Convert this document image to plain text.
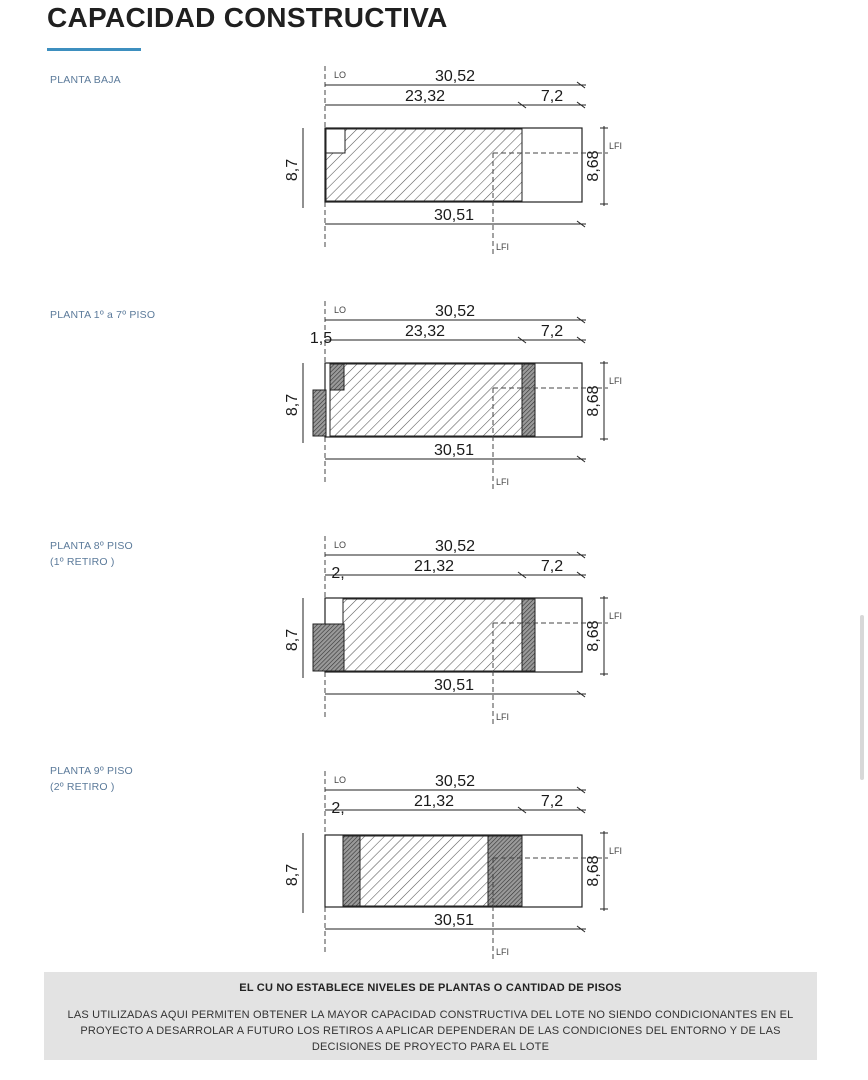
CAPACIDAD CONSTRUCTIVA
PLANTA BAJA
PLANTA 1º a 7º PISO
PLANTA 8º PISO
(1º RETIRO )
PLANTA 9º PISO
(2º RETIRO )
LO	30,52
23,32	7,2
LFI
LFI
30,51
8,7	8,68
LO	30,52
23,32	7,2
1,5
LFI
LFI
30,51
8,7	8,68
LO	30,52
21,32	7,2
2,
LFI
LFI
30,51
8,7	8,68
LO	30,52
21,32	7,2
2,
LFI
LFI
30,51
8,7	8,68

EL CU NO ESTABLECE NIVELES DE PLANTAS O CANTIDAD DE PISOS

LAS UTILIZADAS AQUI PERMITEN OBTENER LA MAYOR CAPACIDAD CONSTRUCTIVA DEL LOTE NO SIENDO CONDICIONANTES EN EL PROYECTO A DESARROLAR A FUTURO LOS RETIROS A APLICAR DEPENDERAN DE LAS CONDICIONES DEL ENTORNO Y DE LAS DECISIONES DE PROYECTO PARA EL LOTE
